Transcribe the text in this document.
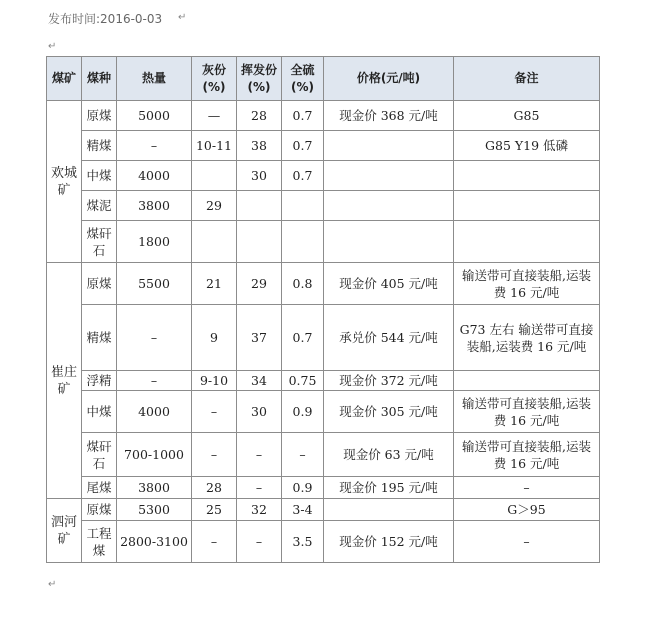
发布时间:2016-0-03 ↵
↵
煤矿	煤种	热量	灰份(%)	挥发份(%)	全硫(%)	价格(元/吨)	备注
欢城矿	原煤	5000	—	28	0.7	现金价 368 元/吨	G85
	精煤	–	10-11	38	0.7		G85 Y19 低磷
	中煤	4000		30	0.7		
	煤泥	3800	29				
	煤矸石	1800					
崔庄矿	原煤	5500	21	29	0.8	现金价 405 元/吨	输送带可直接装船,运装费 16 元/吨
	精煤	–	9	37	0.7	承兑价 544 元/吨	G73 左右 输送带可直接装船,运装费 16 元/吨
	浮精	–	9-10	34	0.75	现金价 372 元/吨	
	中煤	4000	–	30	0.9	现金价 305 元/吨	输送带可直接装船,运装费 16 元/吨
	煤矸石	700-1000	–	–	–	现金价 63 元/吨	输送带可直接装船,运装费 16 元/吨
	尾煤	3800	28	–	0.9	现金价 195 元/吨	–
泗河矿	原煤	5300	25	32	3-4		G＞95
	工程煤	2800-3100	–	–	3.5	现金价 152 元/吨	–
↵
